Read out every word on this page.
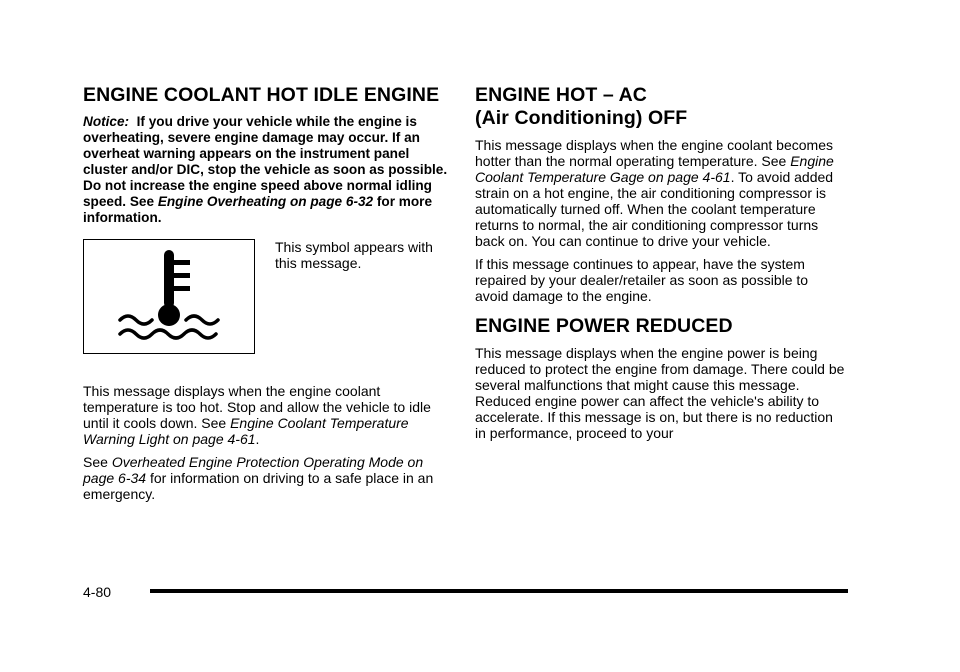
ENGINE COOLANT HOT IDLE ENGINE

Notice: If you drive your vehicle while the engine is overheating, severe engine damage may occur. If an overheat warning appears on the instrument panel cluster and/or DIC, stop the vehicle as soon as possible. Do not increase the engine speed above normal idling speed. See Engine Overheating on page 6-32 for more information.

This symbol appears with this message.

This message displays when the engine coolant temperature is too hot. Stop and allow the vehicle to idle until it cools down. See Engine Coolant Temperature Warning Light on page 4-61.

See Overheated Engine Protection Operating Mode on page 6-34 for information on driving to a safe place in an emergency.

ENGINE HOT – AC
(Air Conditioning) OFF

This message displays when the engine coolant becomes hotter than the normal operating temperature. See Engine Coolant Temperature Gage on page 4-61. To avoid added strain on a hot engine, the air conditioning compressor is automatically turned off. When the coolant temperature returns to normal, the air conditioning compressor turns back on. You can continue to drive your vehicle.

If this message continues to appear, have the system repaired by your dealer/retailer as soon as possible to avoid damage to the engine.

ENGINE POWER REDUCED

This message displays when the engine power is being reduced to protect the engine from damage. There could be several malfunctions that might cause this message. Reduced engine power can affect the vehicle's ability to accelerate. If this message is on, but there is no reduction in performance, proceed to your

4-80
